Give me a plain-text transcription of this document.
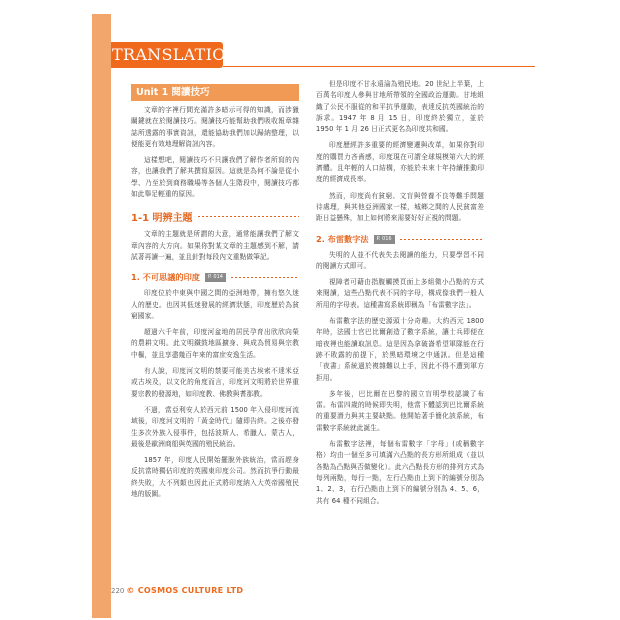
TRANSLATION
Unit 1 閱讀技巧

文章的字裡行間充滿許多暗示可得的知識，而涉獵關鍵就在於閱讀技巧。閱讀技巧能幫助我們吸收報章雜誌所透露的事實資訊，還能協助我們加以歸納整理，以便能更有效地理解資訊內容。

這樣想吧，閱讀技巧不只讓我們了解作者所寫的內容，也讓我們了解其撰寫原因。這就是為何不論是從小學、乃至於到商務職場等各個人生階段中，閱讀技巧都如此舉足輕重的原因。

1-1 明辨主題

文章的主題就是所謂的大意，通常能讓我們了解文章內容的大方向。如果你對某文章的主題感到不解，請試著再讀一遍，並且針對每段內文重點做筆記。

1. 不可思議的印度	P. 014

印度位於中東與中國之間的亞洲地帶，擁有悠久迷人的歷史。也因其低迷發展的經濟狀態，印度歷於為貧窮國家。

超過六千年前，印度河盆地的居民孕育出欣欣向榮的農耕文明。此文明鐵鼓地區擴身、與成為貿易與宗教中樞，並且享盡幾百年來的富庶安逸生活。

有人說，印度河文明的禁要可能美古埃索不達米亞或古埃及，以文化的角度而言，印度河文明將於世界重要宗教的發源地，如印度教、佛教與耆那教。

不過，當亞利安人於西元前 1500 年入侵印度河流域後，印度河文明的「黃金時代」隨即告終。之後亦發生多次外族入侵事件，包括波斯人、希臘人、蒙古人，最後是歐洲商船與英國的殖民統治。

1857 年，印度人民開始擺脫外族統治，當而趕身反抗當時獨佔印度的英國東印度公司。然而抗爭行動最終失敗，大不列顛也因此正式將印度納入大英帝國殖民地的版圖。

但是印度不甘永遠淪為殖民地。20 世紀上半葉，上百萬名印度人參與甘地所帶領的全國政治運動。甘地組織了公民不服從的和平抗爭運動，表達反抗英國統治的訴求。1947 年 8 月 15 日，印度終於獨立，並於 1950 年 1 月 26 日正式更名為印度共和國。

印度歷經許多重要的經濟變遷與改革，如果你對印度的購買力吝嗇感，印度現在可謂全球規模第六大的經濟體。且年輕的人口結構，亦能於未來十年持續推動印度的經濟成長率。

然而，印度尚有貧窮、文盲與營養不良等難手問題待處理，與其他亞洲國家一樣，城鄉之間的人民貧富差距日益懸殊，加上如何將來需要好好正視的問題。

2. 布雷數字法	P. 016

失明的人並不代表失去閱讀的能力，只要學習不同的閱讀方式即可。

視障者可藉由指腹觸摸頁面上多組微小凸點的方式來閱讀，這些凸點代表不同的字母，構成像我們一般人所用的字母表。這種書寫系統即稱為「布雷數字法」。

布雷數字法的歷史源頭十分奇趣。大約西元 1800 年時，法國士官巴比爾創造了數字系統，讓士兵即便在暗夜裡也能讀取訊息。這是因為拿破崙希望軍隊能在行跡不敗露的前提下，於黑暗環境之中通訊。但是這種「夜書」系統過於複雜難以上手，因此不得不遭到軍方拒用。

多年後，巴比爾在巴黎的國立盲明學校認識了布雷。布雷四歲的時候即失明，他當下體認到巴比爾系統的重要潛力與其主要缺點。他開始著手簡化該系統，布雷數字系統就此誕生。

布雷數字法裡，每個布雷數字「字母」(或稱數字格）均由一個至多可填滿六凸點的長方形所組成（並以各點為凸點與否做變化）。此六凸點長方形的排列方式為每列兩點，每行一點，左行凸點由上到下的編號分別為 1、2、3，右行凸點由上到下的編號分別為 4、5、6，共有 64 種不同組合。

220 © COSMOS CULTURE LTD
